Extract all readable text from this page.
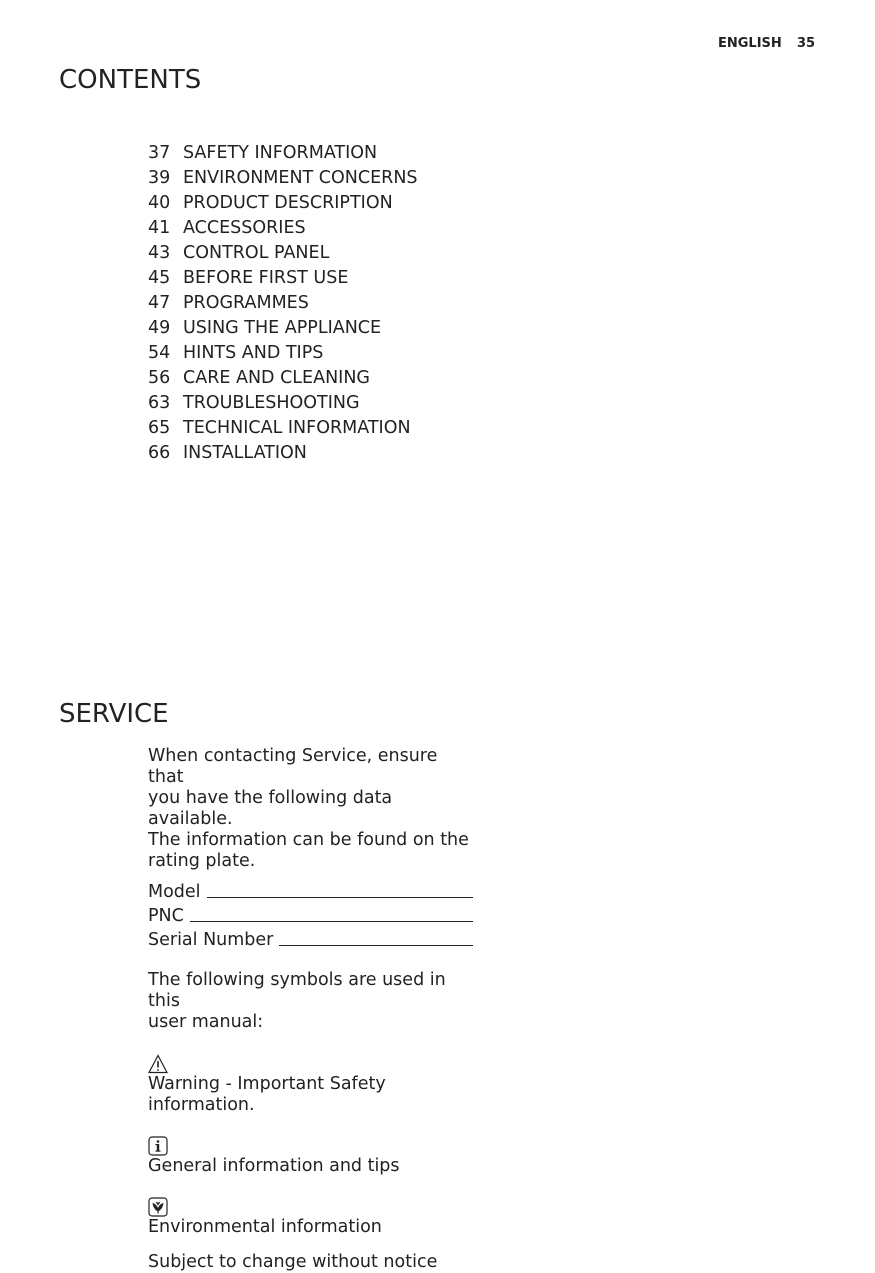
ENGLISH 35
CONTENTS
37 SAFETY INFORMATION
39 ENVIRONMENT CONCERNS
40 PRODUCT DESCRIPTION
41 ACCESSORIES
43 CONTROL PANEL
45 BEFORE FIRST USE
47 PROGRAMMES
49 USING THE APPLIANCE
54 HINTS AND TIPS
56 CARE AND CLEANING
63 TROUBLESHOOTING
65 TECHNICAL INFORMATION
66 INSTALLATION
SERVICE

When contacting Service, ensure that
you have the following data available.
The information can be found on the
rating plate.

Model
PNC
Serial Number

The following symbols are used in this
user manual:

Warning - Important Safety information.
General information and tips
Environmental information
Subject to change without notice
